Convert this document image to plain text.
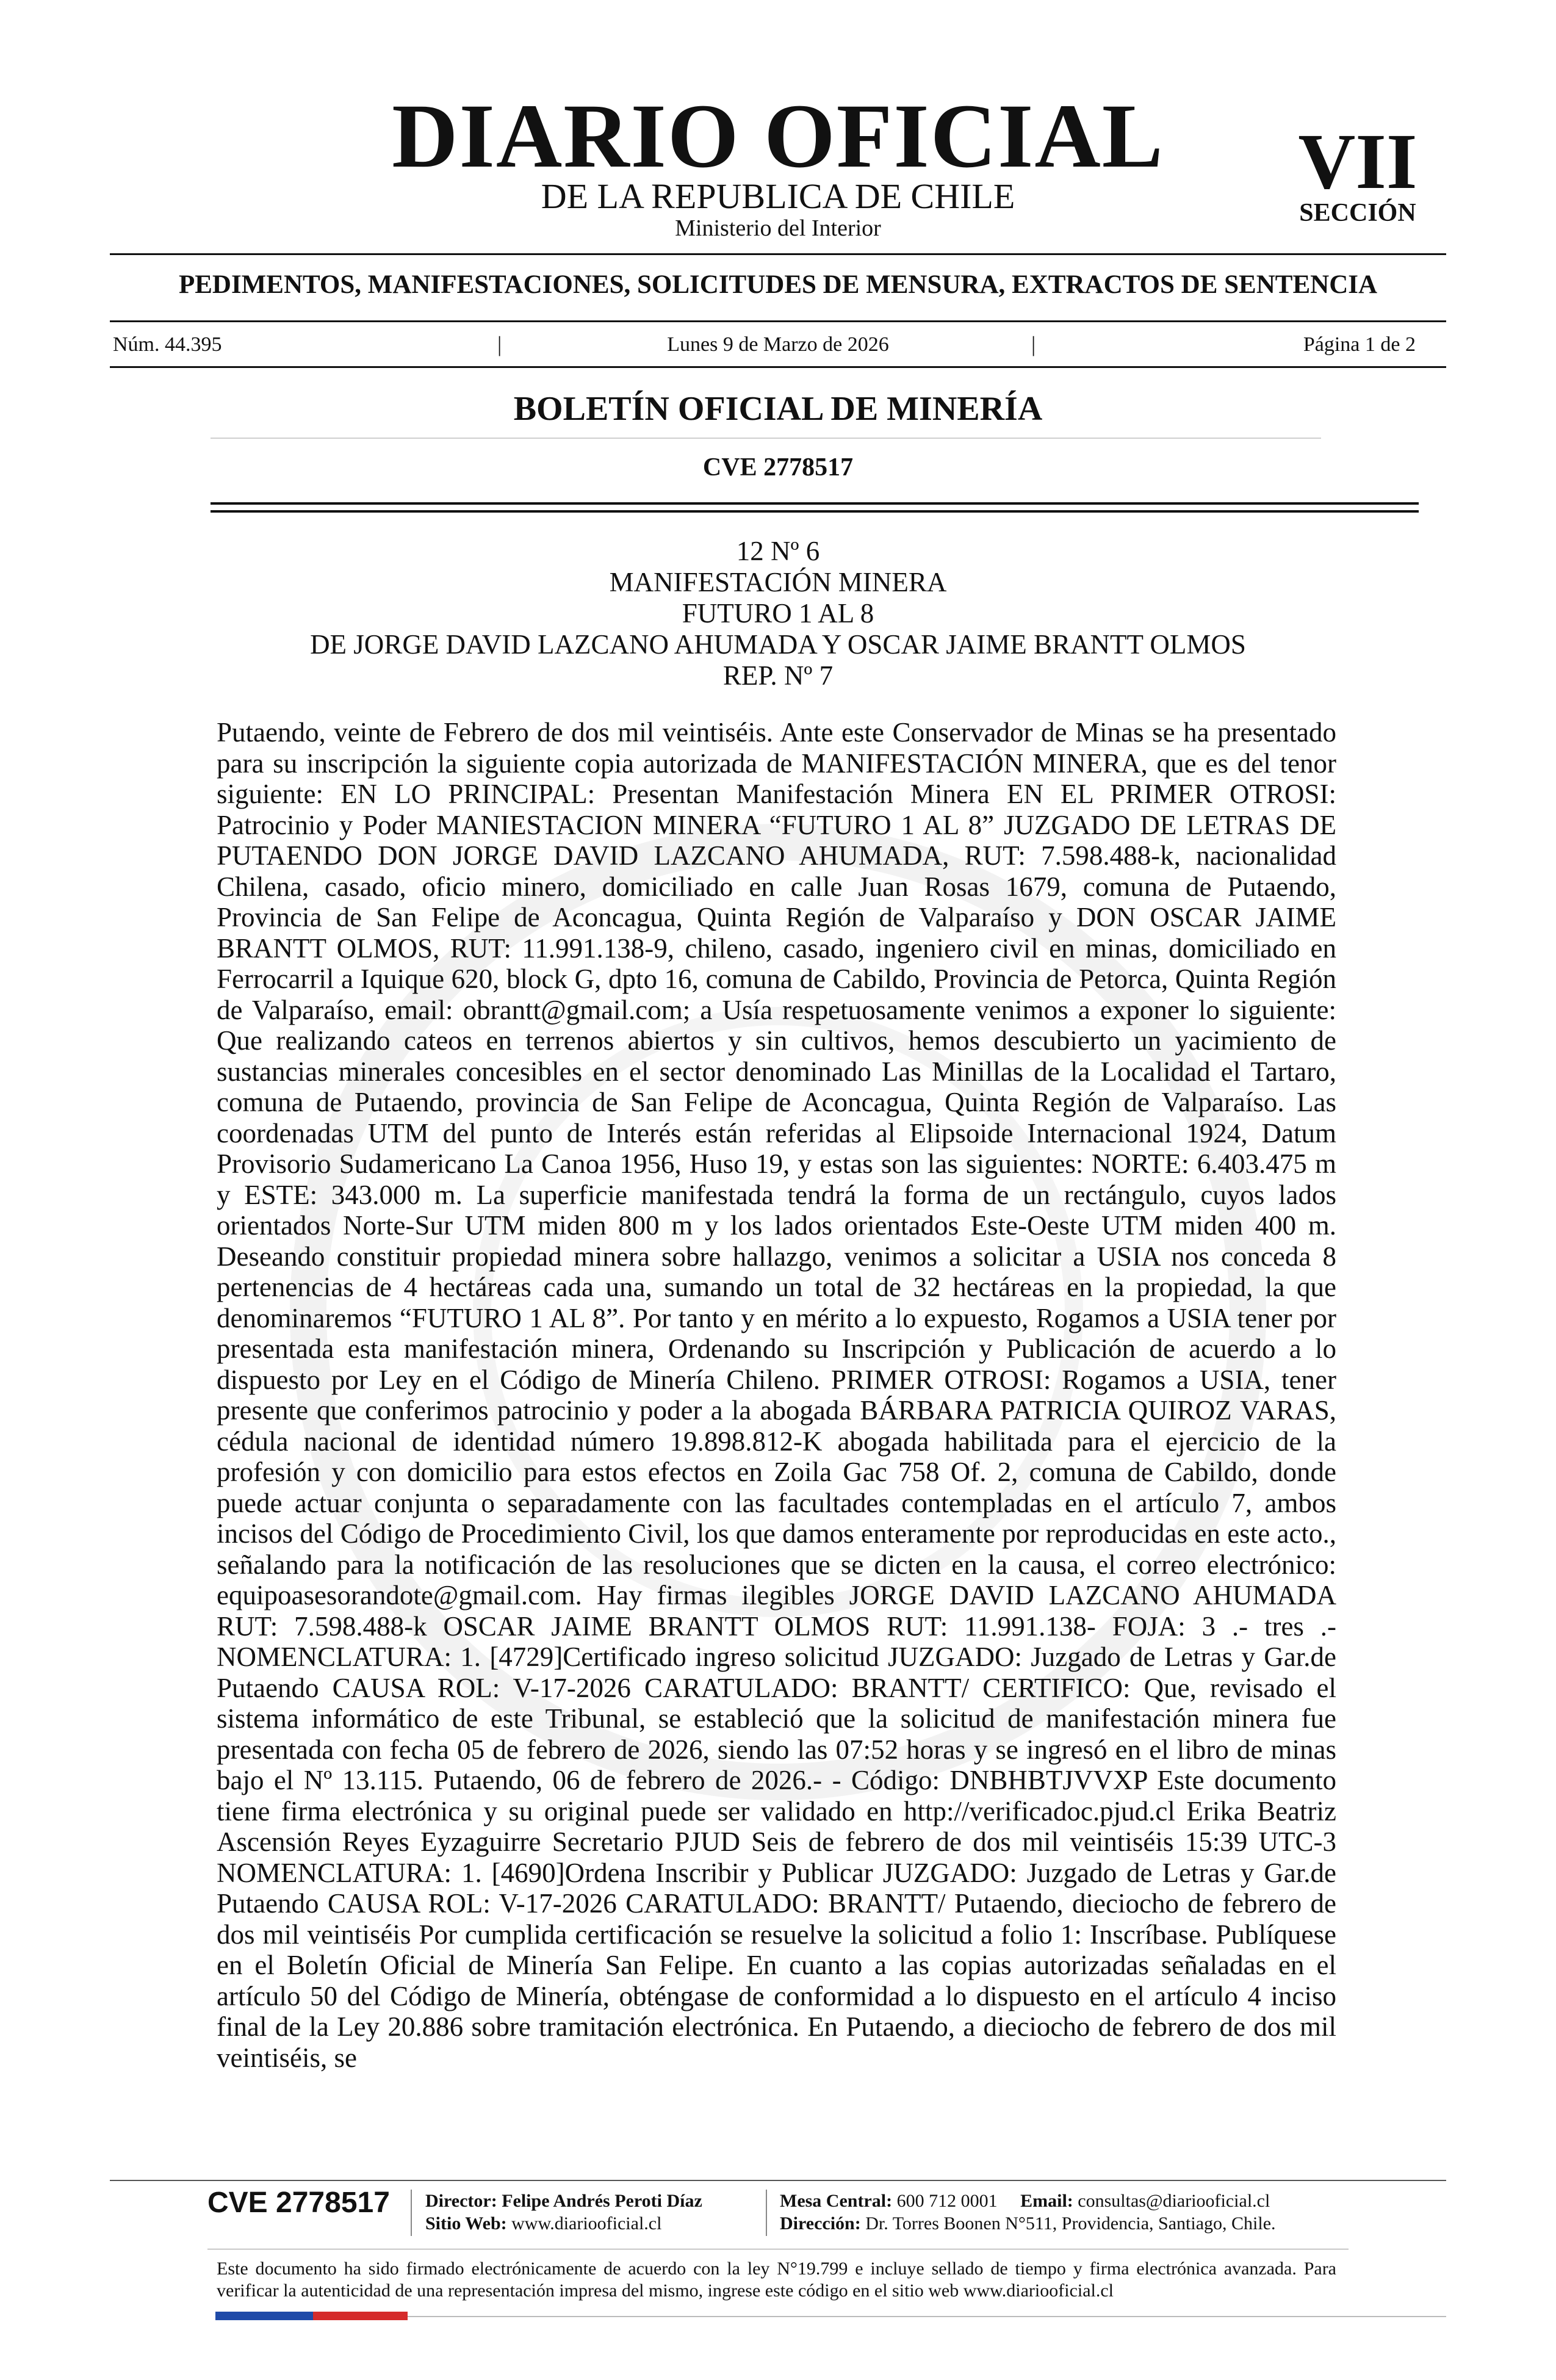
DIARIO OFICIAL
DE LA REPUBLICA DE CHILE
Ministerio del Interior
VII
SECCIÓN
PEDIMENTOS, MANIFESTACIONES, SOLICITUDES DE MENSURA, EXTRACTOS DE SENTENCIA
Núm. 44.395	|	Lunes 9 de Marzo de 2026	|	Página 1 de 2
BOLETÍN OFICIAL DE MINERÍA
CVE 2778517
12 Nº 6
MANIFESTACIÓN MINERA
FUTURO 1 AL 8
DE JORGE DAVID LAZCANO AHUMADA Y OSCAR JAIME BRANTT OLMOS
REP. Nº 7
Putaendo, veinte de Febrero de dos mil veintiséis. Ante este Conservador de Minas se ha presentado para su inscripción la siguiente copia autorizada de MANIFESTACIÓN MINERA, que es del tenor siguiente: EN LO PRINCIPAL: Presentan Manifestación Minera EN EL PRIMER OTROSI: Patrocinio y Poder MANIESTACION MINERA “FUTURO 1 AL 8” JUZGADO DE LETRAS DE PUTAENDO DON JORGE DAVID LAZCANO AHUMADA, RUT: 7.598.488-k, nacionalidad Chilena, casado, oficio minero, domiciliado en calle Juan Rosas 1679, comuna de Putaendo, Provincia de San Felipe de Aconcagua, Quinta Región de Valparaíso y DON OSCAR JAIME BRANTT OLMOS, RUT: 11.991.138-9, chileno, casado, ingeniero civil en minas, domiciliado en Ferrocarril a Iquique 620, block G, dpto 16, comuna de Cabildo, Provincia de Petorca, Quinta Región de Valparaíso, email: obrantt@gmail.com; a Usía respetuosamente venimos a exponer lo siguiente: Que realizando cateos en terrenos abiertos y sin cultivos, hemos descubierto un yacimiento de sustancias minerales concesibles en el sector denominado Las Minillas de la Localidad el Tartaro, comuna de Putaendo, provincia de San Felipe de Aconcagua, Quinta Región de Valparaíso. Las coordenadas UTM del punto de Interés están referidas al Elipsoide Internacional 1924, Datum Provisorio Sudamericano La Canoa 1956, Huso 19, y estas son las siguientes: NORTE: 6.403.475 m y ESTE: 343.000 m. La superficie manifestada tendrá la forma de un rectángulo, cuyos lados orientados Norte-Sur UTM miden 800 m y los lados orientados Este-Oeste UTM miden 400 m. Deseando constituir propiedad minera sobre hallazgo, venimos a solicitar a USIA nos conceda 8 pertenencias de 4 hectáreas cada una, sumando un total de 32 hectáreas en la propiedad, la que denominaremos “FUTURO 1 AL 8”. Por tanto y en mérito a lo expuesto, Rogamos a USIA tener por presentada esta manifestación minera, Ordenando su Inscripción y Publicación de acuerdo a lo dispuesto por Ley en el Código de Minería Chileno. PRIMER OTROSI: Rogamos a USIA, tener presente que conferimos patrocinio y poder a la abogada BÁRBARA PATRICIA QUIROZ VARAS, cédula nacional de identidad número 19.898.812-K abogada habilitada para el ejercicio de la profesión y con domicilio para estos efectos en Zoila Gac 758 Of. 2, comuna de Cabildo, donde puede actuar conjunta o separadamente con las facultades contempladas en el artículo 7, ambos incisos del Código de Procedimiento Civil, los que damos enteramente por reproducidas en este acto., señalando para la notificación de las resoluciones que se dicten en la causa, el correo electrónico: equipoasesorandote@gmail.com. Hay firmas ilegibles JORGE DAVID LAZCANO AHUMADA RUT: 7.598.488-k OSCAR JAIME BRANTT OLMOS RUT: 11.991.138- FOJA: 3 .- tres .- NOMENCLATURA: 1. [4729]Certificado ingreso solicitud JUZGADO: Juzgado de Letras y Gar.de Putaendo CAUSA ROL: V-17-2026 CARATULADO: BRANTT/ CERTIFICO: Que, revisado el sistema informático de este Tribunal, se estableció que la solicitud de manifestación minera fue presentada con fecha 05 de febrero de 2026, siendo las 07:52 horas y se ingresó en el libro de minas bajo el Nº 13.115. Putaendo, 06 de febrero de 2026.- - Código: DNBHBTJVVXP Este documento tiene firma electrónica y su original puede ser validado en http://verificadoc.pjud.cl Erika Beatriz Ascensión Reyes Eyzaguirre Secretario PJUD Seis de febrero de dos mil veintiséis 15:39 UTC-3 NOMENCLATURA: 1. [4690]Ordena Inscribir y Publicar JUZGADO: Juzgado de Letras y Gar.de Putaendo CAUSA ROL: V-17-2026 CARATULADO: BRANTT/ Putaendo, dieciocho de febrero de dos mil veintiséis Por cumplida certificación se resuelve la solicitud a folio 1: Inscríbase. Publíquese en el Boletín Oficial de Minería San Felipe. En cuanto a las copias autorizadas señaladas en el artículo 50 del Código de Minería, obténgase de conformidad a lo dispuesto en el artículo 4 inciso final de la Ley 20.886 sobre tramitación electrónica. En Putaendo, a dieciocho de febrero de dos mil veintiséis, se
CVE 2778517 Director: Felipe Andrés Peroti Díaz
Sitio Web: www.diariooficial.cl
Mesa Central: 600 712 0001 Email: consultas@diariooficial.cl
Dirección: Dr. Torres Boonen N°511, Providencia, Santiago, Chile.
Este documento ha sido firmado electrónicamente de acuerdo con la ley N°19.799 e incluye sellado de tiempo y firma electrónica avanzada. Para verificar la autenticidad de una representación impresa del mismo, ingrese este código en el sitio web www.diariooficial.cl
